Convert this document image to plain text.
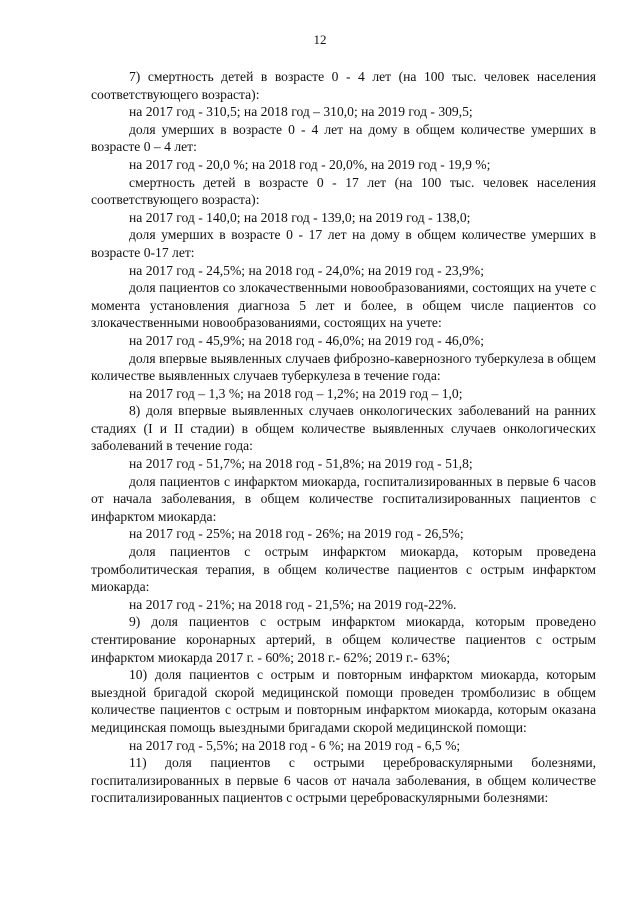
12

7) смертность детей в возрасте 0 - 4 лет (на 100 тыс. человек населения соответствующего возраста):

на 2017 год - 310,5; на 2018 год – 310,0; на 2019 год - 309,5;

доля умерших в возрасте 0 - 4 лет на дому в общем количестве умерших в возрасте 0 – 4 лет:

на 2017 год - 20,0 %; на 2018 год - 20,0%, на 2019 год - 19,9 %;

смертность детей в возрасте 0 - 17 лет (на 100 тыс. человек населения соответствующего возраста):

на 2017 год - 140,0; на 2018 год - 139,0; на 2019 год - 138,0;

доля умерших в возрасте 0 - 17 лет на дому в общем количестве умерших в возрасте 0-17 лет:

на 2017 год - 24,5%; на 2018 год - 24,0%; на 2019 год - 23,9%;

доля пациентов со злокачественными новообразованиями, состоящих на учете с момента установления диагноза 5 лет и более, в общем числе пациентов со злокачественными новообразованиями, состоящих на учете:

на 2017 год - 45,9%; на 2018 год - 46,0%; на 2019 год - 46,0%;

доля впервые выявленных случаев фиброзно-кавернозного туберкулеза в общем количестве выявленных случаев туберкулеза в течение года:

на 2017 год – 1,3 %; на 2018 год – 1,2%; на 2019 год – 1,0;

8) доля впервые выявленных случаев онкологических заболеваний на ранних стадиях (I и II стадии) в общем количестве выявленных случаев онкологических заболеваний в течение года:

на 2017 год - 51,7%; на 2018 год - 51,8%; на 2019 год - 51,8;

доля пациентов с инфарктом миокарда, госпитализированных в первые 6 часов от начала заболевания, в общем количестве госпитализированных пациентов с инфарктом миокарда:

на 2017 год - 25%; на 2018 год - 26%; на 2019 год - 26,5%;

доля пациентов с острым инфарктом миокарда, которым проведена тромболитическая терапия, в общем количестве пациентов с острым инфарктом миокарда:

на 2017 год - 21%; на 2018 год - 21,5%; на 2019 год-22%.

9) доля пациентов с острым инфарктом миокарда, которым проведено стентирование коронарных артерий, в общем количестве пациентов с острым инфарктом миокарда 2017 г. - 60%; 2018 г.- 62%; 2019 г.- 63%;

10) доля пациентов с острым и повторным инфарктом миокарда, которым выездной бригадой скорой медицинской помощи проведен тромболизис в общем количестве пациентов с острым и повторным инфарктом миокарда, которым оказана медицинская помощь выездными бригадами скорой медицинской помощи:

на 2017 год - 5,5%; на 2018 год - 6 %; на 2019 год - 6,5 %;

11) доля пациентов с острыми цереброваскулярными болезнями, госпитализированных в первые 6 часов от начала заболевания, в общем количестве госпитализированных пациентов с острыми цереброваскулярными болезнями:
